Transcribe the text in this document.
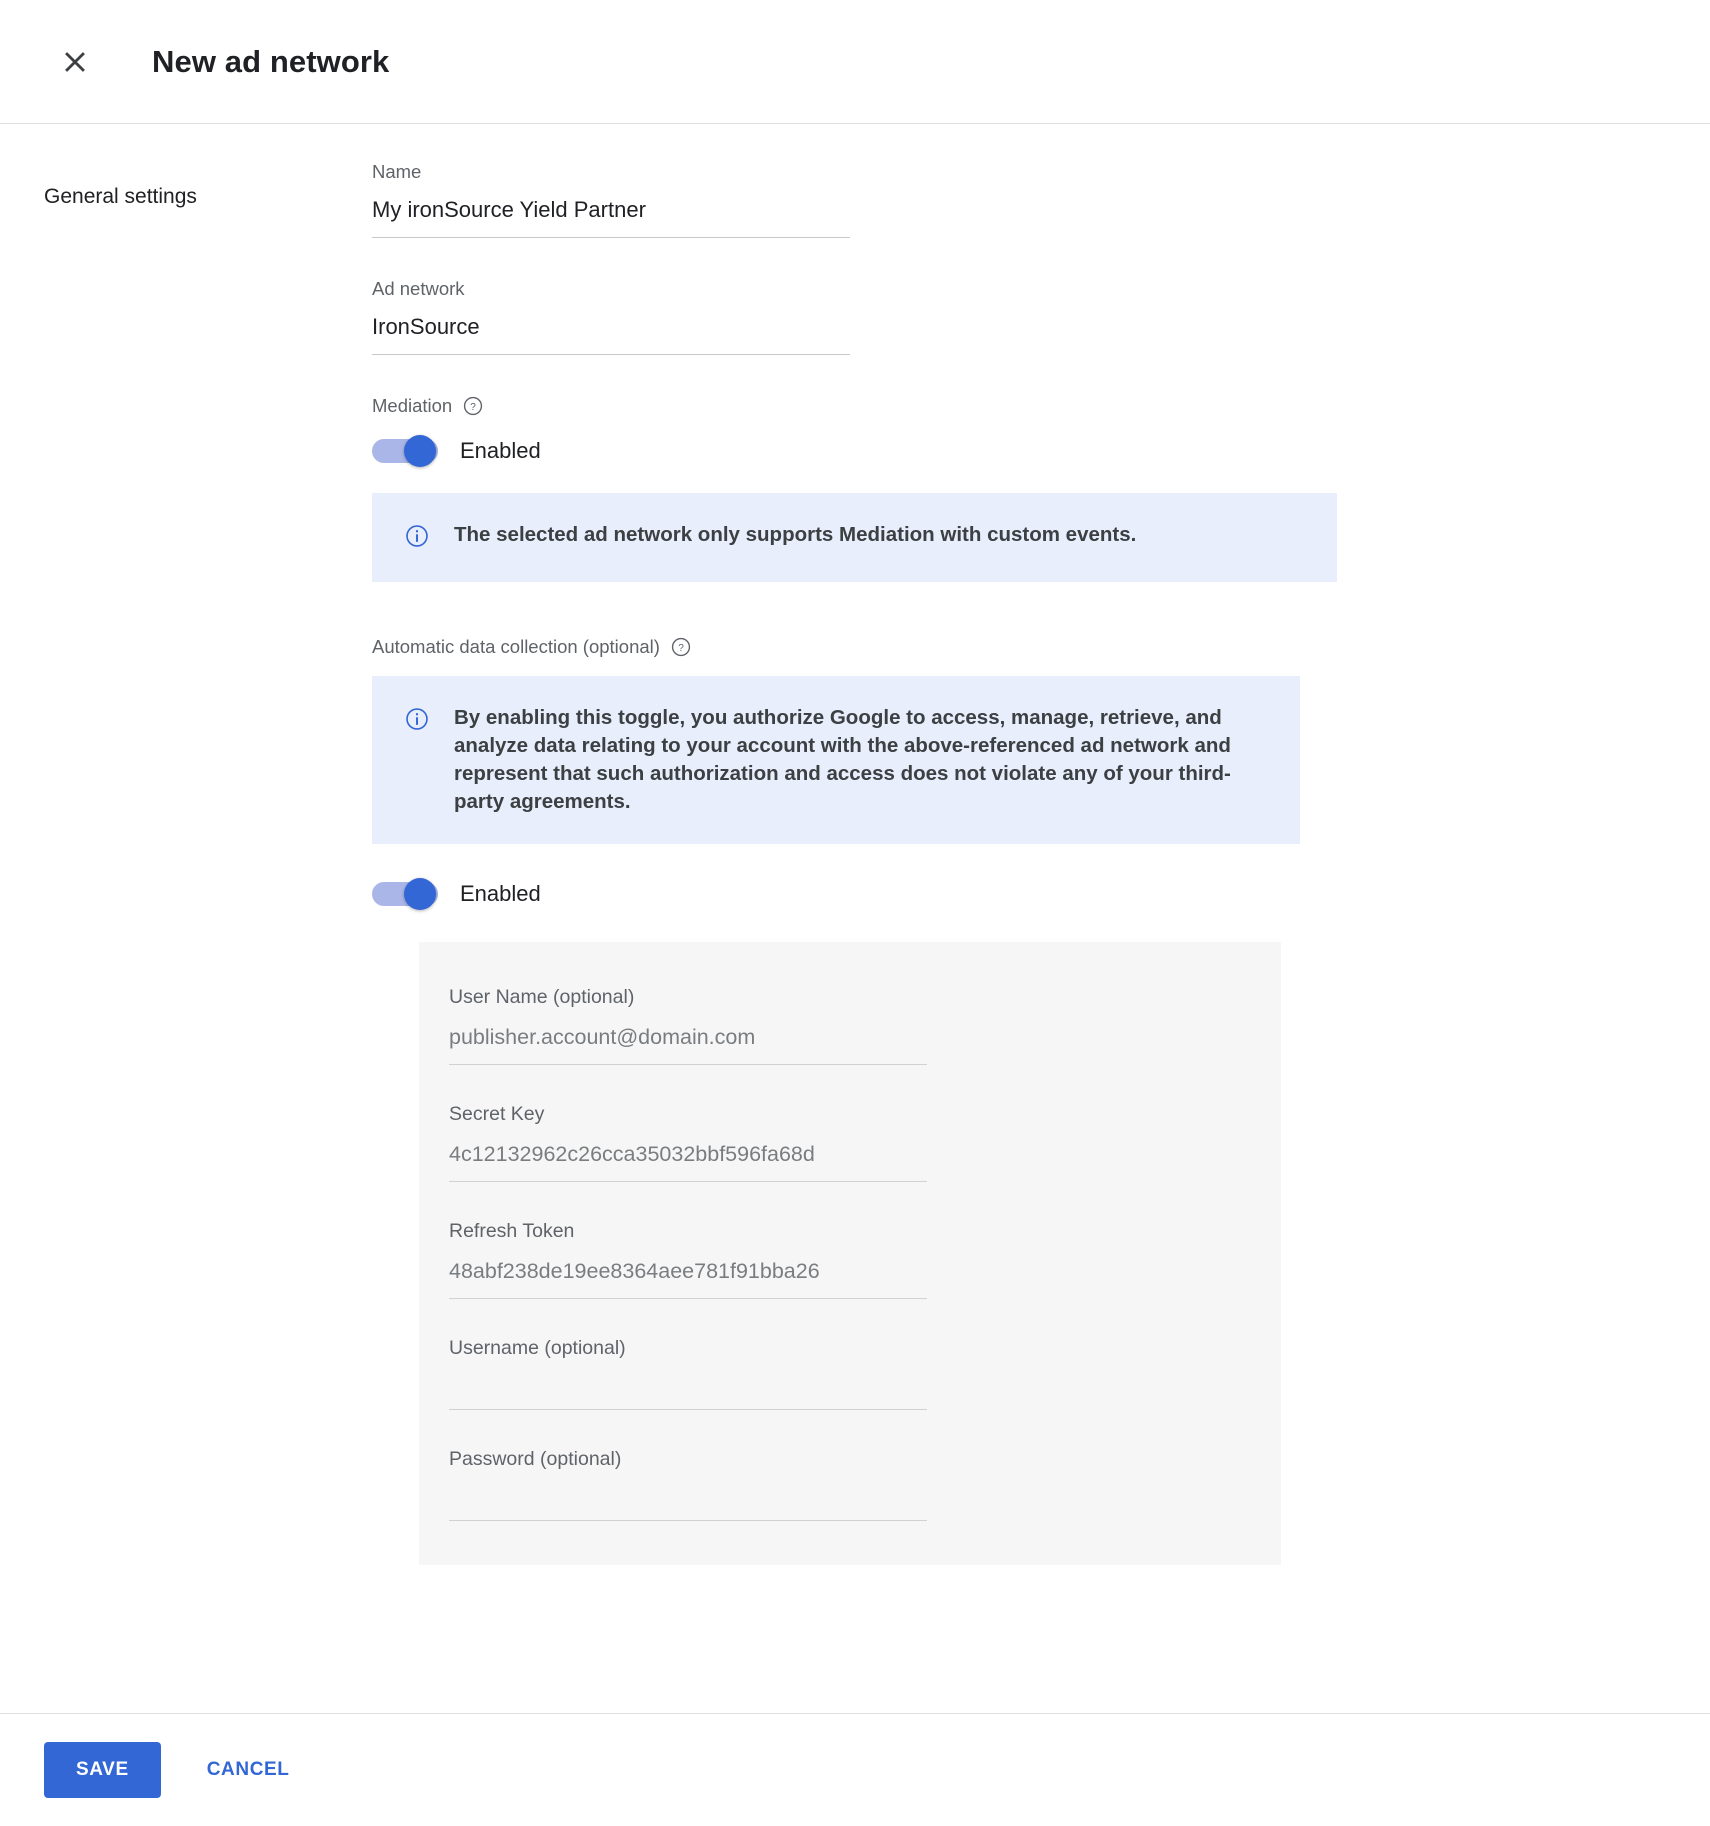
New ad network
General settings
Name
My ironSource Yield Partner
Ad network
IronSource
Mediation ?
Enabled
The selected ad network only supports Mediation with custom events.
Automatic data collection (optional) ?
By enabling this toggle, you authorize Google to access, manage, retrieve, and analyze data relating to your account with the above-referenced ad network and represent that such authorization and access does not violate any of your third-party agreements.
Enabled
User Name (optional)
publisher.account@domain.com
Secret Key
4c12132962c26cca35032bbf596fa68d
Refresh Token
48abf238de19ee8364aee781f91bba26
Username (optional)
Password (optional)
SAVE	CANCEL
